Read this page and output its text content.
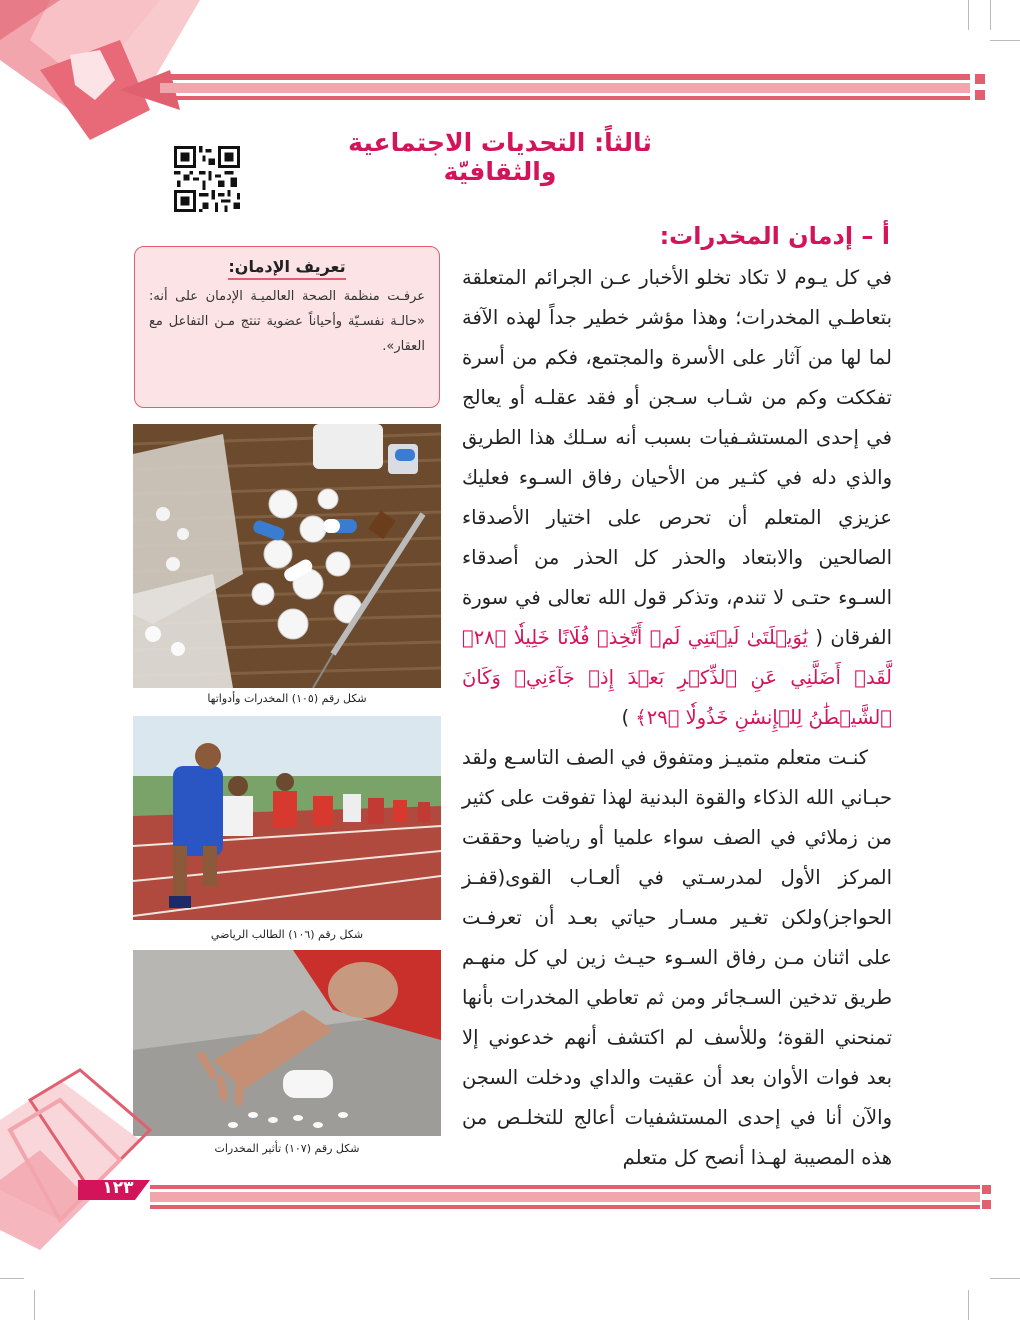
ثالثاً: التحديات الاجتماعية والثقافيّة
أ – إدمان المخدرات:

في كل يـوم لا تكاد تخلو الأخبار عـن الجرائم المتعلقة بتعاطـي المخدرات؛ وهذا مؤشر خطير جداً لهذه الآفة لما لها من آثار على الأسرة والمجتمع، فكم من أسرة تفككت وكم من شـاب سـجن أو فقد عقلـه أو يعالج في إحدى المستشـفيات بسبب أنه سـلك هذا الطريق والذي دله في كثـير من الأحيان رفاق السـوء فعليك عزيزي المتعلم أن تحرص على اختيار الأصدقاء الصالحين والابتعاد والحذر كل الحذر من أصدقاء السـوء حتـى لا تندم، وتذكر قول الله تعالى في سورة الفرقان ( يَٰوَيۡلَتَىٰ لَيۡتَنِي لَمۡ أَتَّخِذۡ فُلَانًا خَلِيلٗا ﴿٢٨﴾ لَّقَدۡ أَضَلَّنِي عَنِ ٱلذِّكۡرِ بَعۡدَ إِذۡ جَآءَنِيۗ وَكَانَ ٱلشَّيۡطَٰنُ لِلۡإِنسَٰنِ خَذُولٗا ﴿٢٩﴾ )

كنـت متعلم متميـز ومتفوق في الصف التاسـع ولقد حبـاني الله الذكاء والقوة البدنية لهذا تفوقت على كثير من زملائي في الصف سواء علميا أو رياضيا وحققت المركز الأول لمدرسـتي في ألعـاب القوى(قفـز الحواجز)ولكن تغـير مسـار حياتي بعـد أن تعرفـت على اثنان مـن رفاق السـوء حيـث زين لي كل منهـم طريق تدخين السـجائر ومن ثم تعاطي المخدرات بأنها تمنحني القوة؛ وللأسف لم اكتشف أنهم خدعوني إلا بعد فوات الأوان بعد أن عقيت والداي ودخلت السجن والآن أنا في إحدى المستشفيات أعالج للتخلـص من هذه المصيبة لهـذا أنصح كل متعلم

تعريف الإدمان:
عرفـت منظمة الصحة العالميـة الإدمان على أنه: «حالـة نفسـيّة وأحياناً عضوية تنتج مـن التفاعل مع العقار».
شكل رقم (١٠٥) المخدرات وأدواتها
شكل رقم (١٠٦) الطالب الرياضي
شكل رقم (١٠٧) تأثير المخدرات
١٢٣
